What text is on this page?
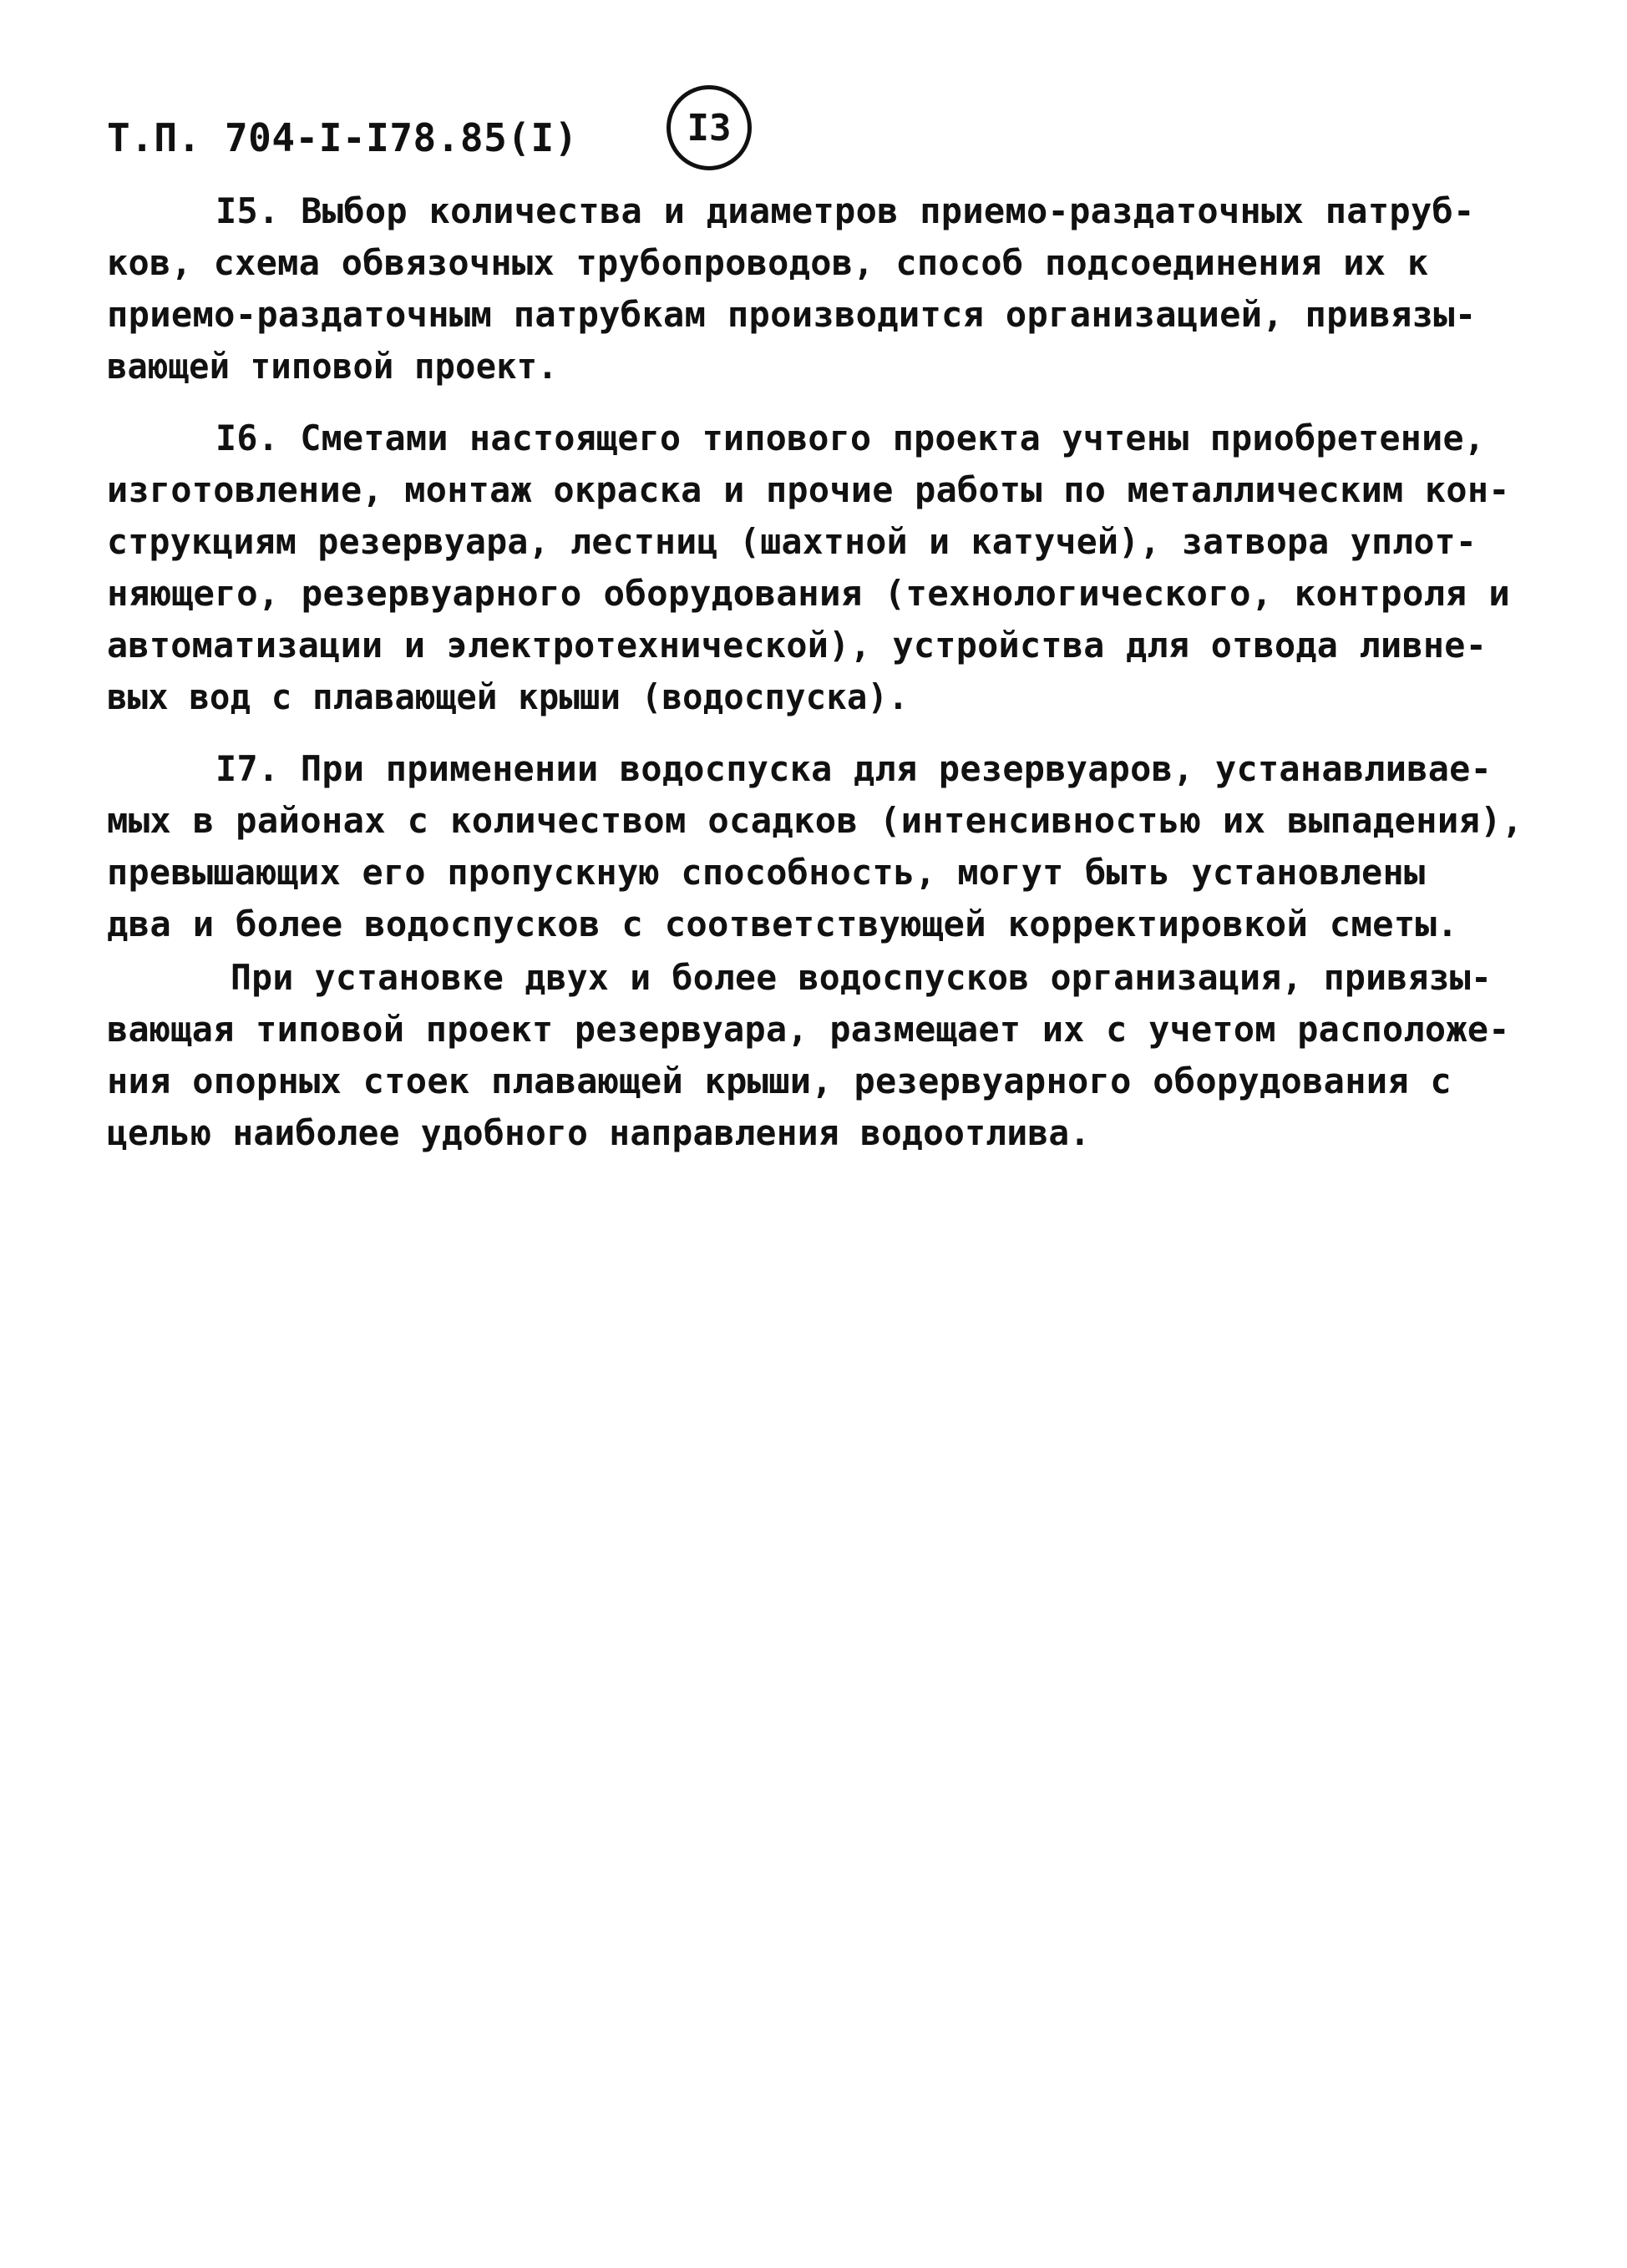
Т.П. 704-I-I78.85(I)	I3
I5. Выбор количества и диаметров приемо-раздаточных патруб-
ков, схема обвязочных трубопроводов, способ подсоединения их к
приемо-раздаточным патрубкам производится организацией, привязы-
вающей типовой проект.
I6. Сметами настоящего типового проекта учтены приобретение,
изготовление, монтаж окраска и прочие работы по металлическим кон-
струкциям резервуара, лестниц (шахтной и катучей), затвора уплот-
няющего, резервуарного оборудования (технологического, контроля и
автоматизации и электротехнической), устройства для отвода ливне-
вых вод с плавающей крыши (водоспуска).
I7. При применении водоспуска для резервуаров, устанавливае-
мых в районах с количеством осадков (интенсивностью их выпадения),
превышающих его пропускную способность, могут быть установлены
два и более водоспусков с соответствующей корректировкой сметы.
При установке двух и более водоспусков организация, привязы-
вающая типовой проект резервуара, размещает их с учетом расположе-
ния опорных стоек плавающей крыши, резервуарного оборудования с
целью наиболее удобного направления водоотлива.
